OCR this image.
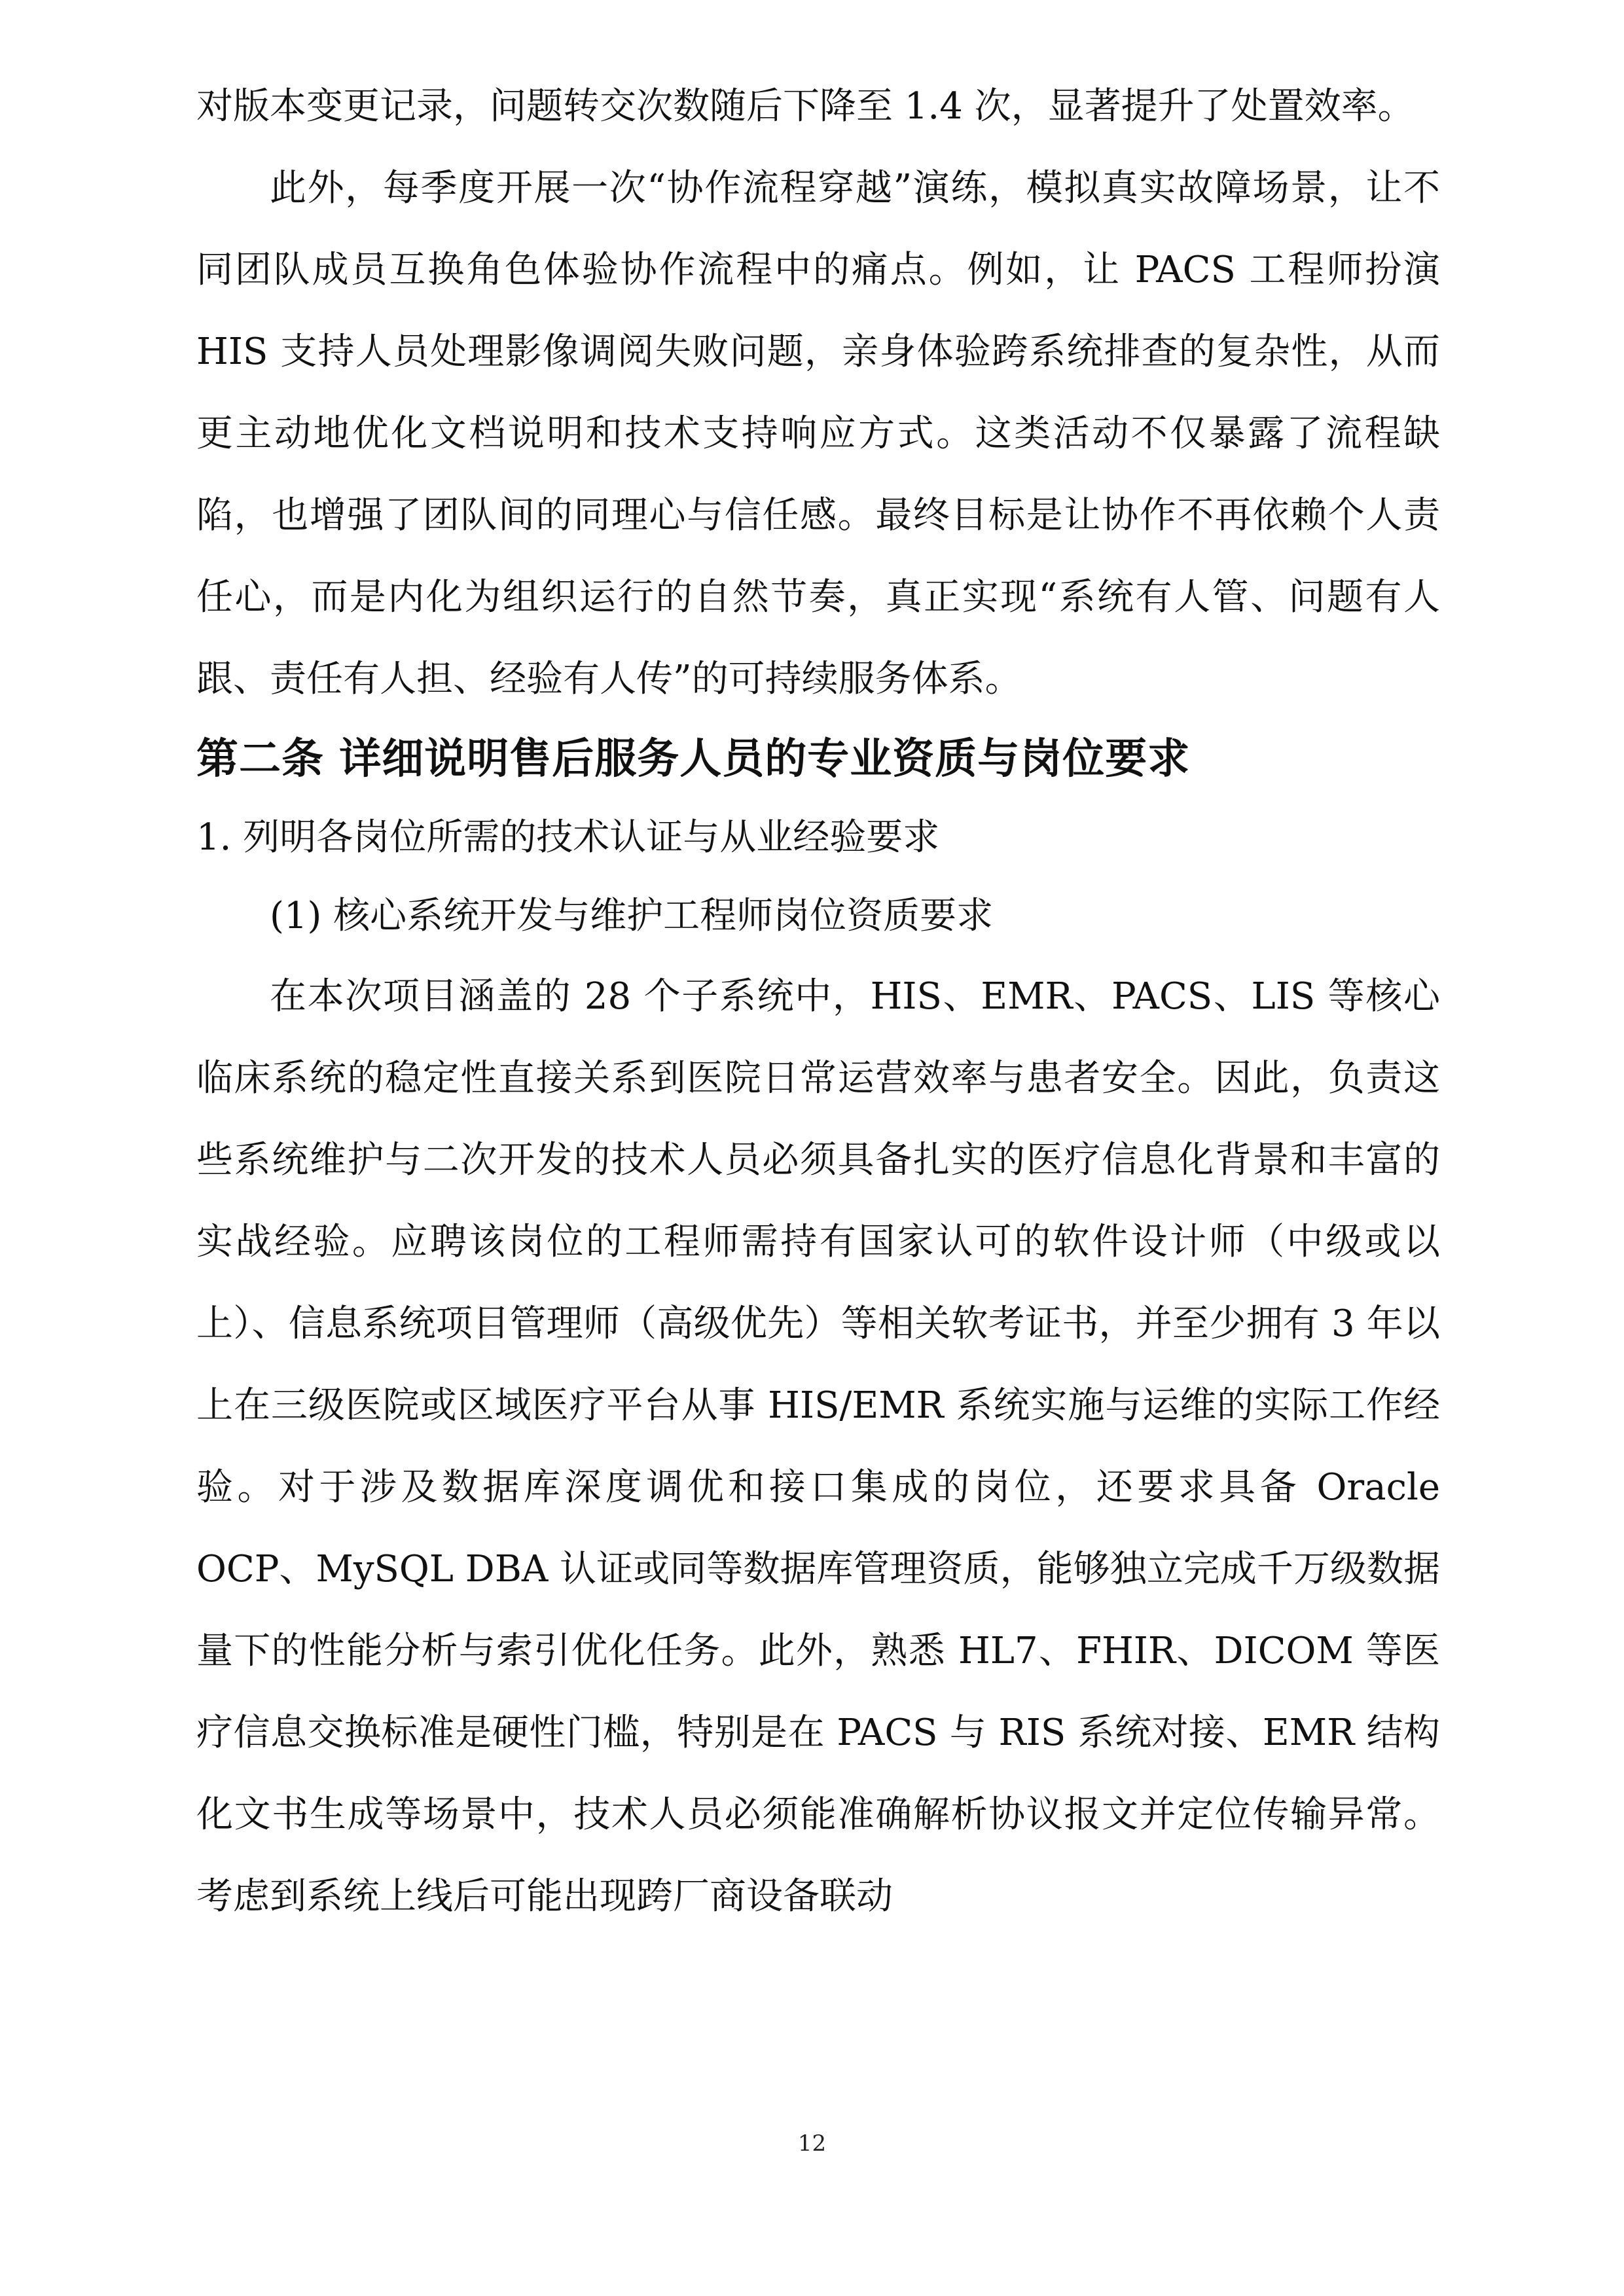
对版本变更记录，问题转交次数随后下降至 1.4 次，显著提升了处置效率。

此外，每季度开展一次“协作流程穿越”演练，模拟真实故障场景，让不同团队成员互换角色体验协作流程中的痛点。例如，让 PACS 工程师扮演 HIS 支持人员处理影像调阅失败问题，亲身体验跨系统排查的复杂性，从而更主动地优化文档说明和技术支持响应方式。这类活动不仅暴露了流程缺陷，也增强了团队间的同理心与信任感。最终目标是让协作不再依赖个人责任心，而是内化为组织运行的自然节奏，真正实现“系统有人管、问题有人跟、责任有人担、经验有人传”的可持续服务体系。

第二条 详细说明售后服务人员的专业资质与岗位要求

1. 列明各岗位所需的技术认证与从业经验要求

(1) 核心系统开发与维护工程师岗位资质要求

在本次项目涵盖的 28 个子系统中，HIS、EMR、PACS、LIS 等核心临床系统的稳定性直接关系到医院日常运营效率与患者安全。因此，负责这些系统维护与二次开发的技术人员必须具备扎实的医疗信息化背景和丰富的实战经验。应聘该岗位的工程师需持有国家认可的软件设计师（中级或以上）、信息系统项目管理师（高级优先）等相关软考证书，并至少拥有 3 年以上在三级医院或区域医疗平台从事 HIS/EMR 系统实施与运维的实际工作经验。对于涉及数据库深度调优和接口集成的岗位，还要求具备 Oracle OCP、MySQL DBA 认证或同等数据库管理资质，能够独立完成千万级数据量下的性能分析与索引优化任务。此外，熟悉 HL7、FHIR、DICOM 等医疗信息交换标准是硬性门槛，特别是在 PACS 与 RIS 系统对接、EMR 结构化文书生成等场景中，技术人员必须能准确解析协议报文并定位传输异常。考虑到系统上线后可能出现跨厂商设备联动

12
